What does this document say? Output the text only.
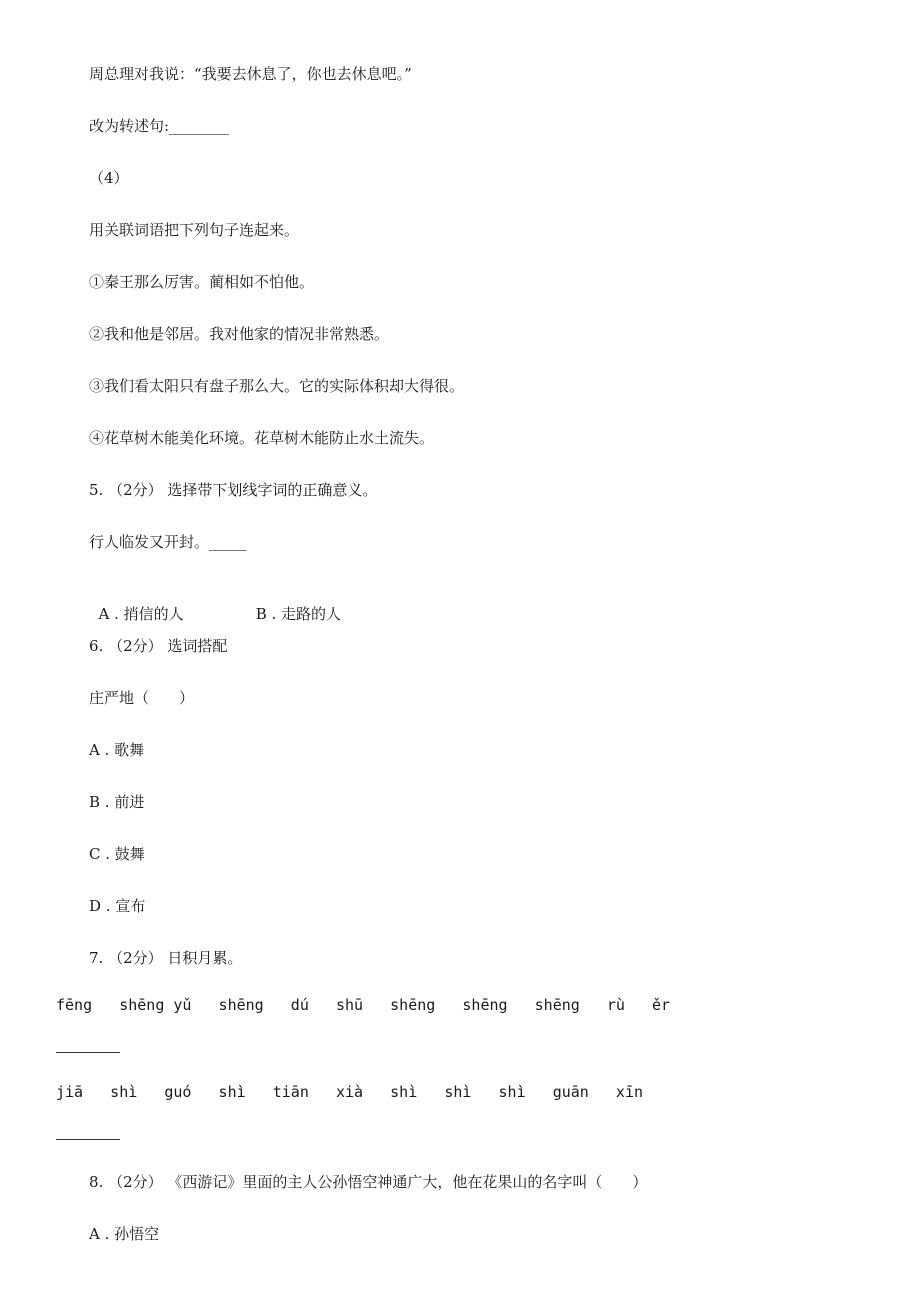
周总理对我说：“我要去休息了，你也去休息吧。”
改为转述句:________
（4）
用关联词语把下列句子连起来。
①秦王那么厉害。蔺相如不怕他。
②我和他是邻居。我对他家的情况非常熟悉。
③我们看太阳只有盘子那么大。它的实际体积却大得很。
④花草树木能美化环境。花草树木能防止水土流失。
5. （2分） 选择带下划线字词的正确意义。
行人临发又开封。_____

A . 捎信的人	B . 走路的人

6. （2分） 选词搭配
庄严地（　　）
A . 歌舞
B . 前进
C . 鼓舞
D . 宣布
7. （2分） 日积月累。
fēng   shēng yǔ   shēng   dú   shū   shēng   shēng   shēng   rù   ěr
jiā   shì   guó   shì   tiān   xià   shì   shì   shì   guān   xīn
8. （2分） 《西游记》里面的主人公孙悟空神通广大，他在花果山的名字叫（　　）
A . 孙悟空
